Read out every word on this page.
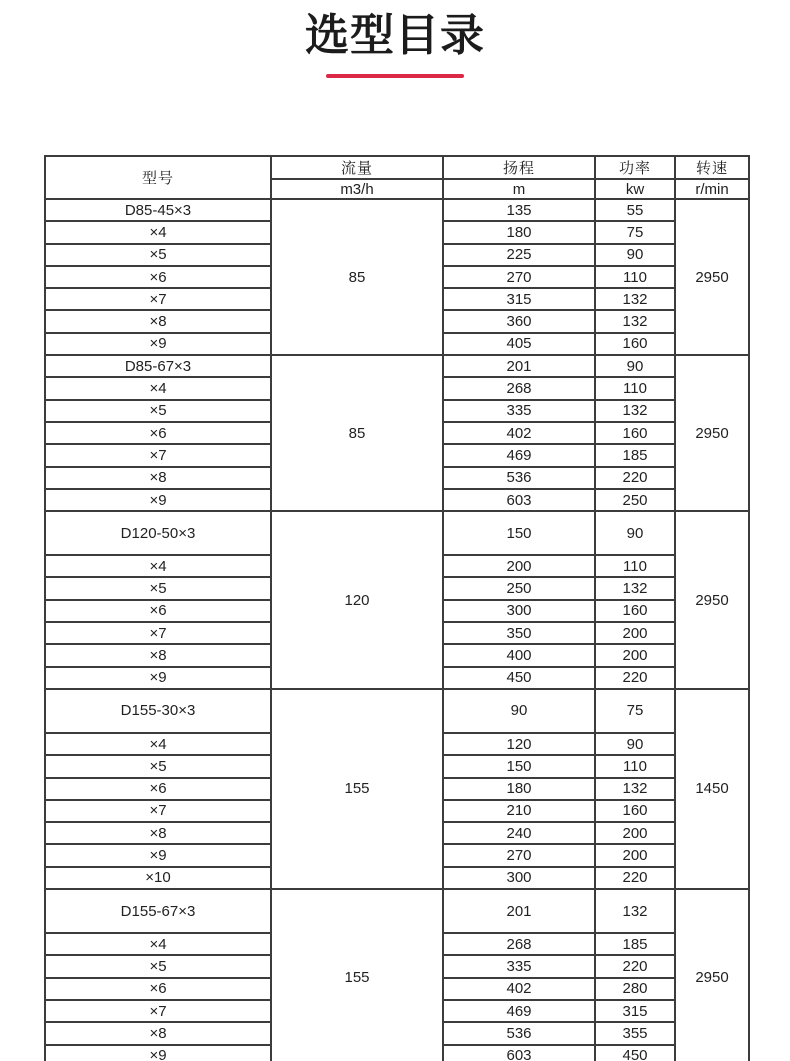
选型目录
型号	流量	扬程	功率	转速
	m3/h	m	kw	r/min
D85-45×3	85	135	55	2950
×4		180	75	
×5		225	90	
×6		270	110	
×7		315	132	
×8		360	132	
×9		405	160	
D85-67×3	85	201	90	2950
×4		268	110	
×5		335	132	
×6		402	160	
×7		469	185	
×8		536	220	
×9		603	250	
D120-50×3	120	150	90	2950
×4		200	110	
×5		250	132	
×6		300	160	
×7		350	200	
×8		400	200	
×9		450	220	
D155-30×3	155	90	75	1450
×4		120	90	
×5		150	110	
×6		180	132	
×7		210	160	
×8		240	200	
×9		270	200	
×10		300	220	
D155-67×3	155	201	132	2950
×4		268	185	
×5		335	220	
×6		402	280	
×7		469	315	
×8		536	355	
×9		603	450	
